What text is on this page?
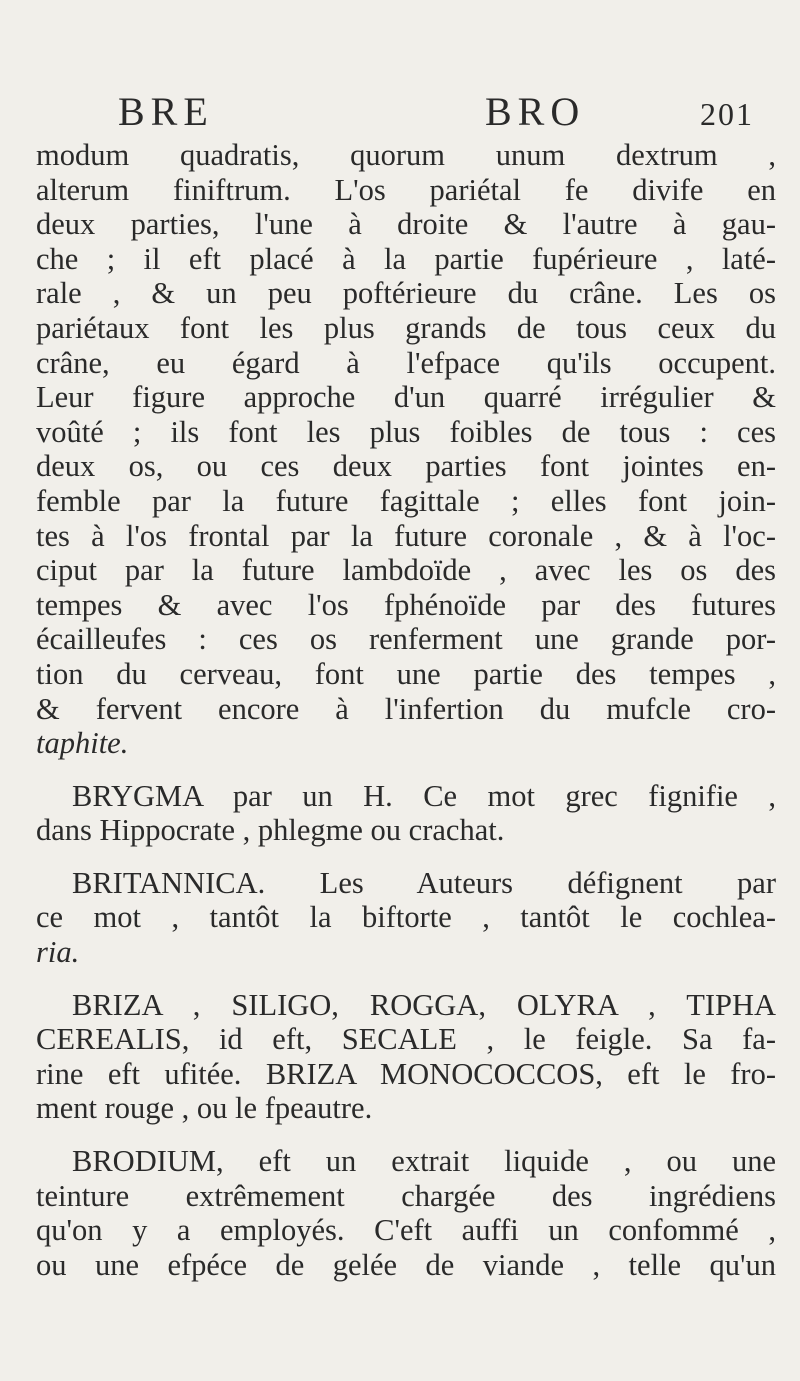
BRE	BRO	201
modum quadratis, quorum unum dextrum ,
alterum finiftrum. L'os pariétal fe divife en
deux parties, l'une à droite & l'autre à gau-
che ; il eft placé à la partie fupérieure , laté-
rale , & un peu poftérieure du crâne. Les os
pariétaux font les plus grands de tous ceux du
crâne, eu égard à l'efpace qu'ils occupent.
Leur figure approche d'un quarré irrégulier &
voûté ; ils font les plus foibles de tous : ces
deux os, ou ces deux parties font jointes en-
femble par la future fagittale ; elles font join-
tes à l'os frontal par la future coronale , & à l'oc-
ciput par la future lambdoïde , avec les os des
tempes & avec l'os fphénoïde par des futures
écailleufes : ces os renferment une grande por-
tion du cerveau, font une partie des tempes ,
& fervent encore à l'infertion du mufcle cro-
taphite.
BRYGMA par un H. Ce mot grec fignifie ,
dans Hippocrate , phlegme ou crachat.
BRITANNICA. Les Auteurs défignent par
ce mot , tantôt la biftorte , tantôt le cochlea-
ria.
BRIZA , SILIGO, ROGGA, OLYRA , TIPHA
CEREALIS, id eft, SECALE , le feigle. Sa fa-
rine eft ufitée. BRIZA MONOCOCCOS, eft le fro-
ment rouge , ou le fpeautre.
BRODIUM, eft un extrait liquide , ou une
teinture extrêmement chargée des ingrédiens
qu'on y a employés. C'eft auffi un confommé ,
ou une efpéce de gelée de viande , telle qu'un
